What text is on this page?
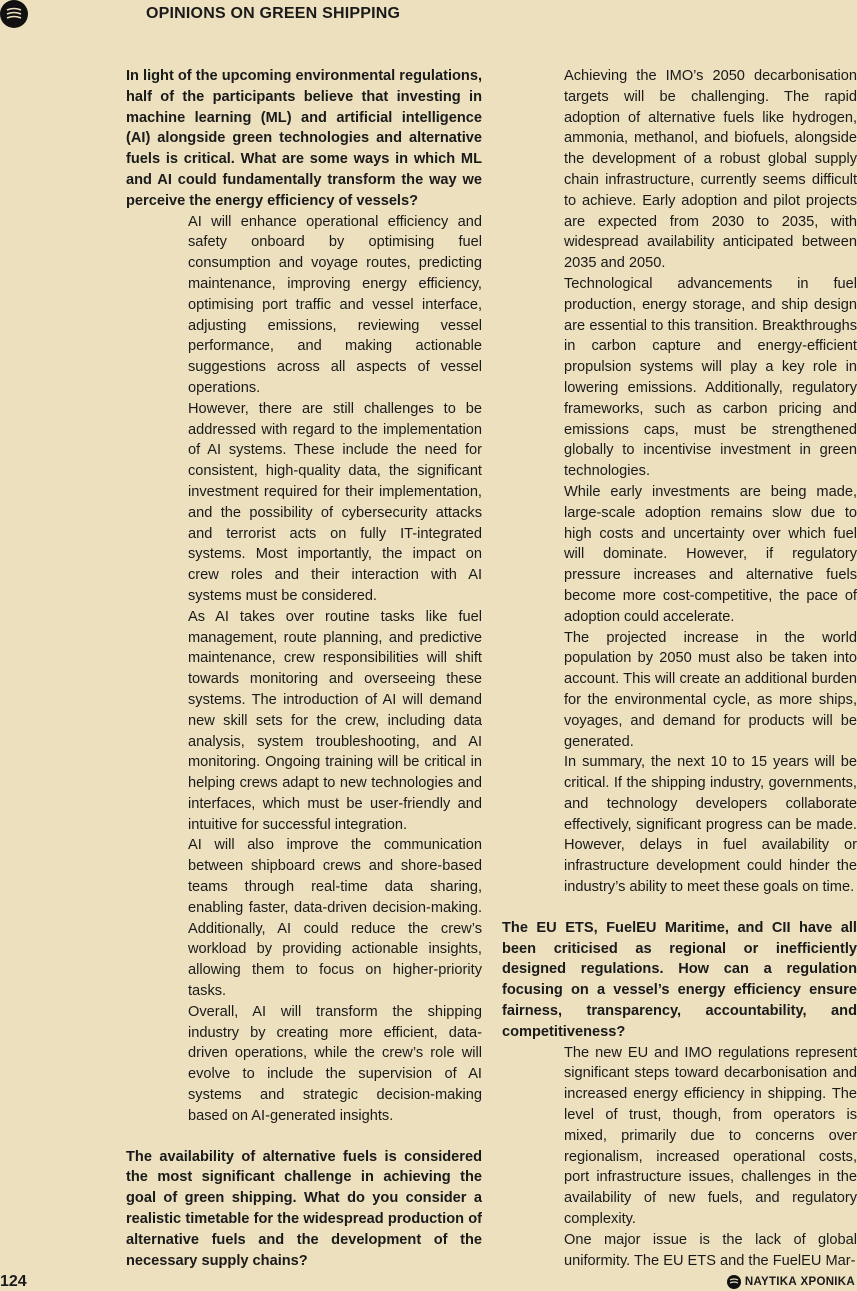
OPINIONS ON GREEN SHIPPING

In light of the upcoming environmental regulations, half of the participants believe that investing in machine learning (ML) and artificial intelligence (AI) alongside green technologies and alternative fuels is critical. What are some ways in which ML and AI could fundamentally transform the way we perceive the energy efficiency of vessels?

AI will enhance operational efficiency and safety onboard by optimising fuel consumption and voyage routes, predicting maintenance, improving energy efficiency, optimising port traffic and vessel interface, adjusting emissions, reviewing vessel performance, and making actionable suggestions across all aspects of vessel operations.

However, there are still challenges to be addressed with regard to the implementation of AI systems. These include the need for consistent, high-quality data, the significant investment required for their implementation, and the possibility of cybersecurity attacks and terrorist acts on fully IT-integrated systems. Most importantly, the impact on crew roles and their interaction with AI systems must be considered.

As AI takes over routine tasks like fuel management, route planning, and predictive maintenance, crew responsibilities will shift towards monitoring and overseeing these systems. The introduction of AI will demand new skill sets for the crew, including data analysis, system troubleshooting, and AI monitoring. Ongoing training will be critical in helping crews adapt to new technologies and interfaces, which must be user-friendly and intuitive for successful integration.

AI will also improve the communication between shipboard crews and shore-based teams through real-time data sharing, enabling faster, data-driven decision-making. Additionally, AI could reduce the crew’s workload by providing actionable insights, allowing them to focus on higher-priority tasks.

Overall, AI will transform the shipping industry by creating more efficient, data-driven operations, while the crew’s role will evolve to include the supervision of AI systems and strategic decision-making based on AI-generated insights.

The availability of alternative fuels is considered the most significant challenge in achieving the goal of green shipping. What do you consider a realistic timetable for the widespread production of alternative fuels and the development of the necessary supply chains?

Achieving the IMO’s 2050 decarbonisation targets will be challenging. The rapid adoption of alternative fuels like hydrogen, ammonia, methanol, and biofuels, alongside the development of a robust global supply chain infrastructure, currently seems difficult to achieve. Early adoption and pilot projects are expected from 2030 to 2035, with widespread availability anticipated between 2035 and 2050.

Technological advancements in fuel production, energy storage, and ship design are essential to this transition. Breakthroughs in carbon capture and energy-efficient propulsion systems will play a key role in lowering emissions. Additionally, regulatory frameworks, such as carbon pricing and emissions caps, must be strengthened globally to incentivise investment in green technologies.

While early investments are being made, large-scale adoption remains slow due to high costs and uncertainty over which fuel will dominate. However, if regulatory pressure increases and alternative fuels become more cost-competitive, the pace of adoption could accelerate.

The projected increase in the world population by 2050 must also be taken into account. This will create an additional burden for the environmental cycle, as more ships, voyages, and demand for products will be generated.

In summary, the next 10 to 15 years will be critical. If the shipping industry, governments, and technology developers collaborate effectively, significant progress can be made. However, delays in fuel availability or infrastructure development could hinder the industry’s ability to meet these goals on time.

The EU ETS, FuelEU Maritime, and CII have all been criticised as regional or inefficiently designed regulations. How can a regulation focusing on a vessel’s energy efficiency ensure fairness, transparency, accountability, and competitiveness?

The new EU and IMO regulations represent significant steps toward decarbonisation and increased energy efficiency in shipping. The level of trust, though, from operators is mixed, primarily due to concerns over regionalism, increased operational costs, port infrastructure issues, challenges in the availability of new fuels, and regulatory complexity.

One major issue is the lack of global uniformity. The EU ETS and the FuelEU Mar-

124	ΝΑΥΤΙΚΑ ΧΡΟΝΙΚΑ
